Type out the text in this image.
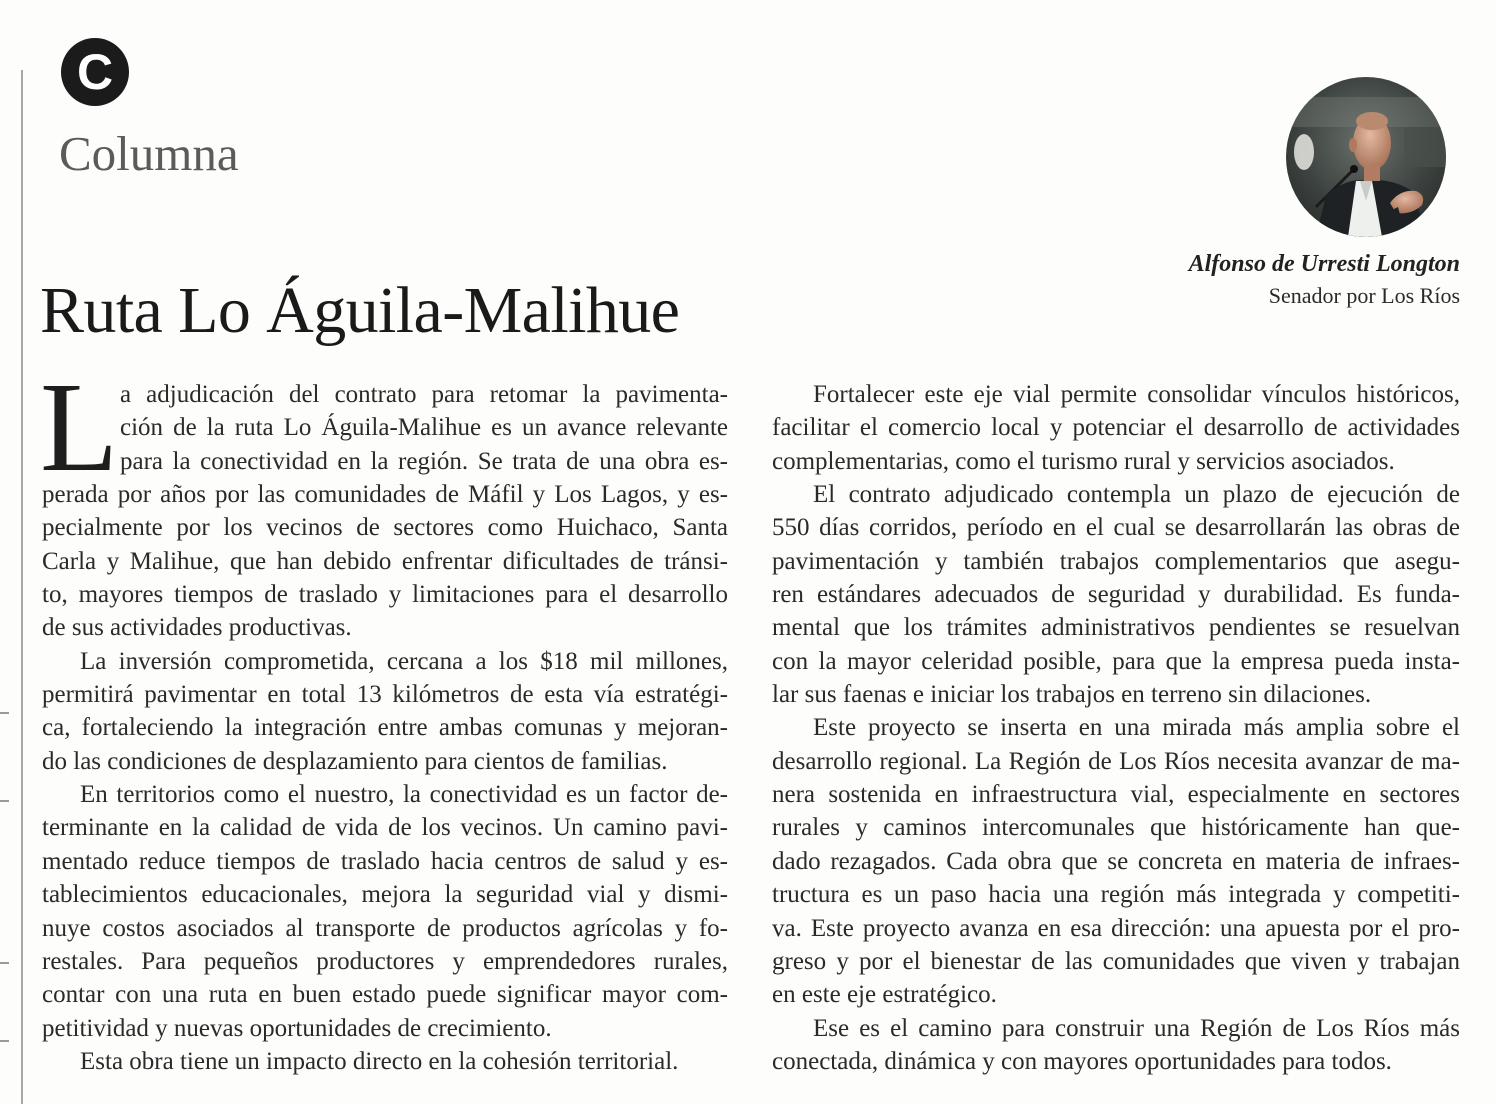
C
Columna
Alfonso de Urresti Longton
Senador por Los Ríos
Ruta Lo Águila-Malihue
L a adjudicación del contrato para retomar la pavimenta-
ción de la ruta Lo Águila-Malihue es un avance relevante
para la conectividad en la región. Se trata de una obra es-
perada por años por las comunidades de Máfil y Los Lagos, y es-
pecialmente por los vecinos de sectores como Huichaco, Santa
Carla y Malihue, que han debido enfrentar dificultades de tránsi-
to, mayores tiempos de traslado y limitaciones para el desarrollo
de sus actividades productivas.
La inversión comprometida, cercana a los $18 mil millones,
permitirá pavimentar en total 13 kilómetros de esta vía estratégi-
ca, fortaleciendo la integración entre ambas comunas y mejoran-
do las condiciones de desplazamiento para cientos de familias.
En territorios como el nuestro, la conectividad es un factor de-
terminante en la calidad de vida de los vecinos. Un camino pavi-
mentado reduce tiempos de traslado hacia centros de salud y es-
tablecimientos educacionales, mejora la seguridad vial y dismi-
nuye costos asociados al transporte de productos agrícolas y fo-
restales. Para pequeños productores y emprendedores rurales,
contar con una ruta en buen estado puede significar mayor com-
petitividad y nuevas oportunidades de crecimiento.
Esta obra tiene un impacto directo en la cohesión territorial.
Fortalecer este eje vial permite consolidar vínculos históricos,
facilitar el comercio local y potenciar el desarrollo de actividades
complementarias, como el turismo rural y servicios asociados.
El contrato adjudicado contempla un plazo de ejecución de
550 días corridos, período en el cual se desarrollarán las obras de
pavimentación y también trabajos complementarios que asegu-
ren estándares adecuados de seguridad y durabilidad. Es funda-
mental que los trámites administrativos pendientes se resuelvan
con la mayor celeridad posible, para que la empresa pueda insta-
lar sus faenas e iniciar los trabajos en terreno sin dilaciones.
Este proyecto se inserta en una mirada más amplia sobre el
desarrollo regional. La Región de Los Ríos necesita avanzar de ma-
nera sostenida en infraestructura vial, especialmente en sectores
rurales y caminos intercomunales que históricamente han que-
dado rezagados. Cada obra que se concreta en materia de infraes-
tructura es un paso hacia una región más integrada y competiti-
va. Este proyecto avanza en esa dirección: una apuesta por el pro-
greso y por el bienestar de las comunidades que viven y trabajan
en este eje estratégico.
Ese es el camino para construir una Región de Los Ríos más
conectada, dinámica y con mayores oportunidades para todos.
